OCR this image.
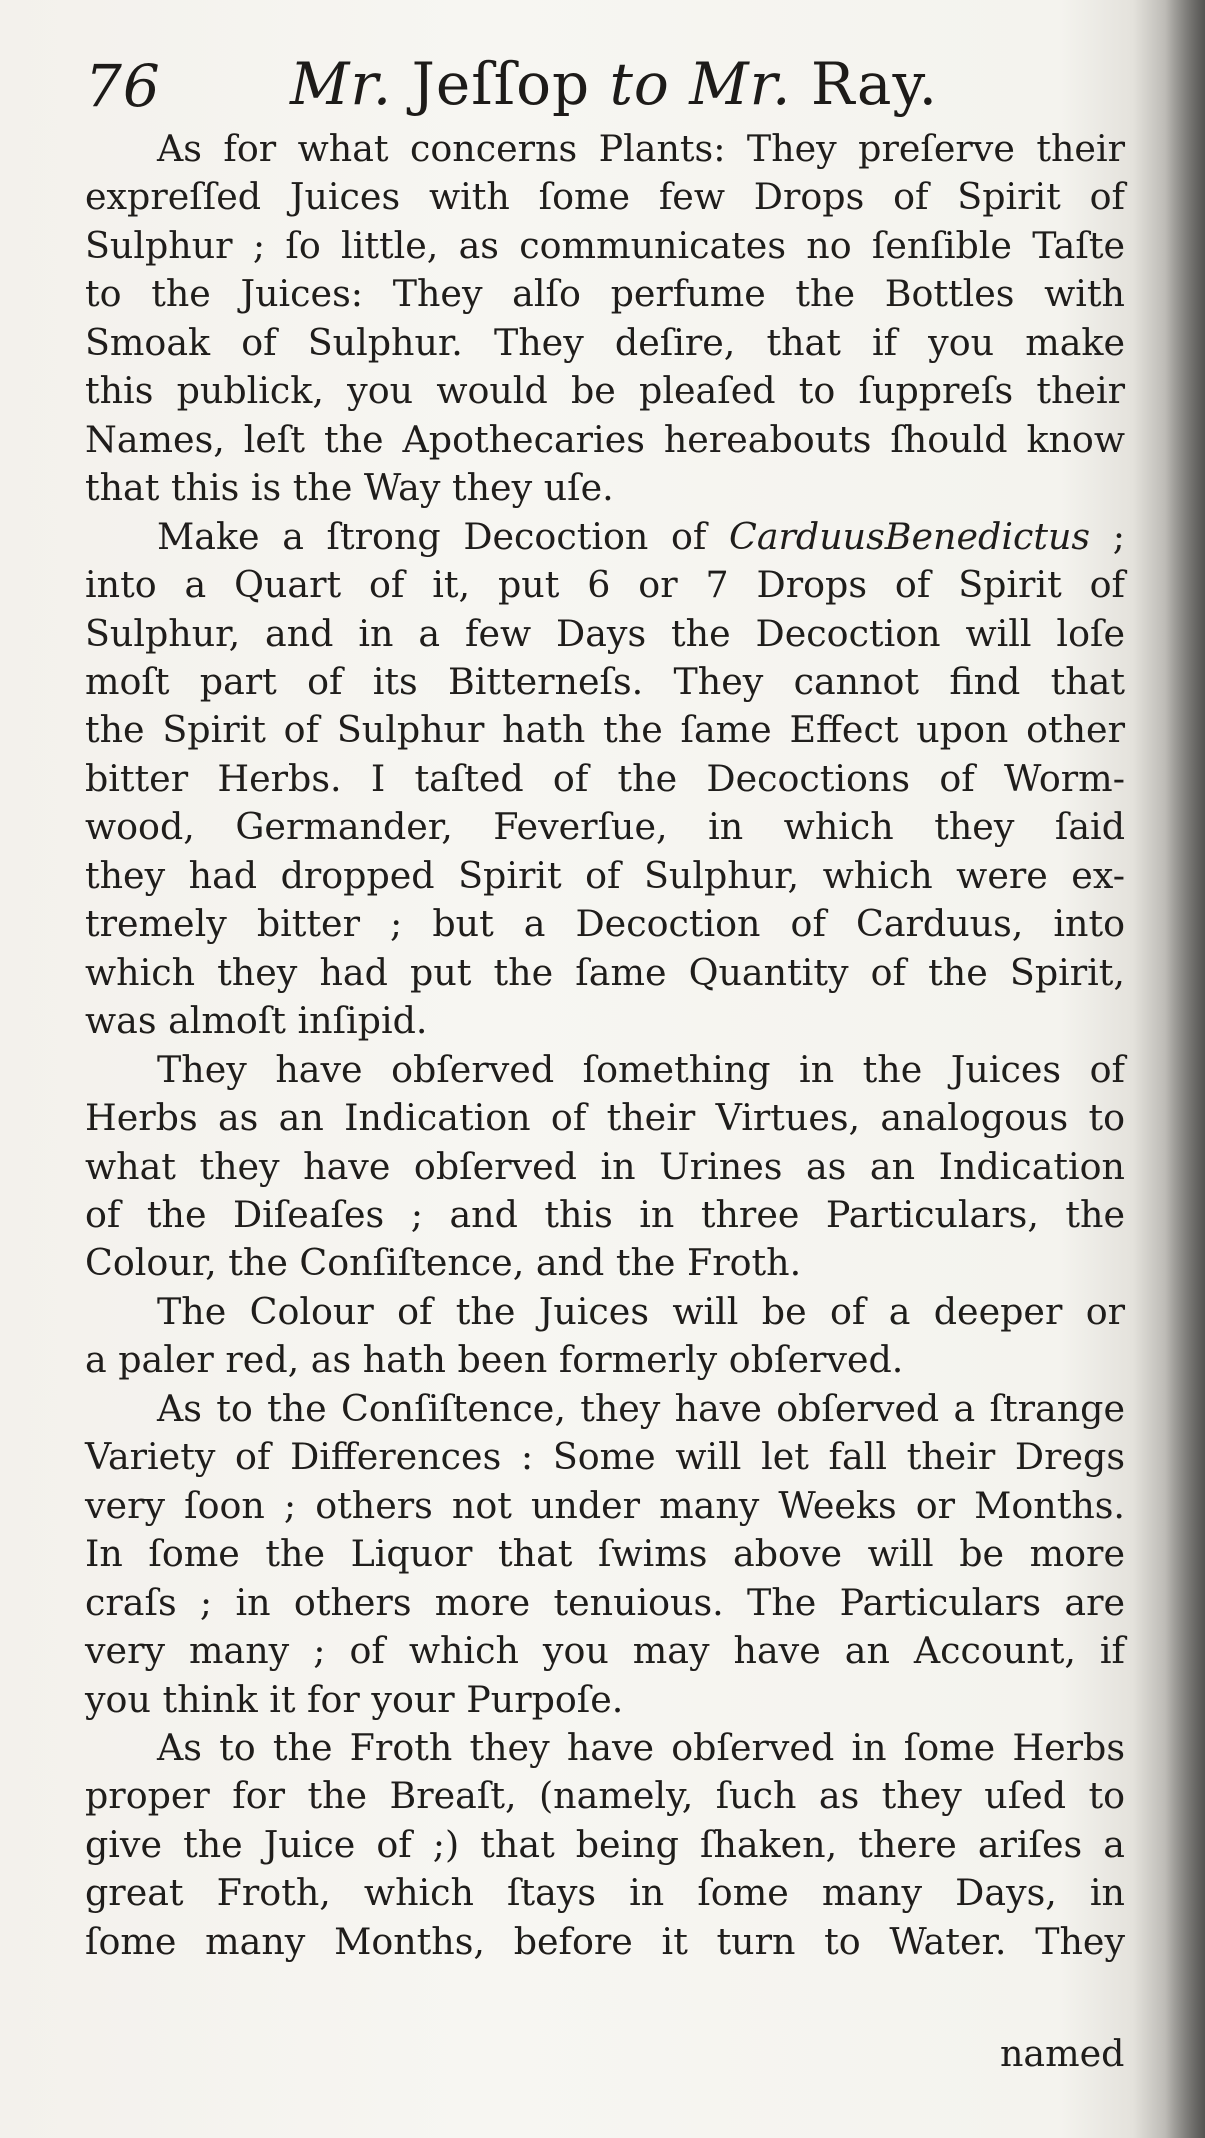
76 Mr. Jeſſop to Mr. Ray.
As for what concerns Plants: They preſerve their
expreſſed Juices with ſome few Drops of Spirit of
Sulphur ; ſo little, as communicates no ſenſible Taſte
to the Juices: They alſo perfume the Bottles with
Smoak of Sulphur. They deſire, that if you make
this publick, you would be pleaſed to ſuppreſs their
Names, leſt the Apothecaries hereabouts ſhould know
that this is the Way they uſe.
Make a ſtrong Decoction of CarduusBenedictus ;
into a Quart of it, put 6 or 7 Drops of Spirit of
Sulphur, and in a few Days the Decoction will loſe
moſt part of its Bitterneſs. They cannot find that
the Spirit of Sulphur hath the ſame Effect upon other
bitter Herbs. I taſted of the Decoctions of Worm-
wood, Germander, Feverſue, in which they ſaid
they had dropped Spirit of Sulphur, which were ex-
tremely bitter ; but a Decoction of Carduus, into
which they had put the ſame Quantity of the Spirit,
was almoſt inſipid.
They have obſerved ſomething in the Juices of
Herbs as an Indication of their Virtues, analogous to
what they have obſerved in Urines as an Indication
of the Diſeaſes ; and this in three Particulars, the
Colour, the Conſiſtence, and the Froth.
The Colour of the Juices will be of a deeper or
a paler red, as hath been formerly obſerved.
As to the Conſiſtence, they have obſerved a ſtrange
Variety of Differences : Some will let fall their Dregs
very ſoon ; others not under many Weeks or Months.
In ſome the Liquor that ſwims above will be more
craſs ; in others more tenuious. The Particulars are
very many ; of which you may have an Account, if
you think it for your Purpoſe.
As to the Froth they have obſerved in ſome Herbs
proper for the Breaſt, (namely, ſuch as they uſed to
give the Juice of ;) that being ſhaken, there ariſes a
great Froth, which ſtays in ſome many Days, in
ſome many Months, before it turn to Water. They
named
